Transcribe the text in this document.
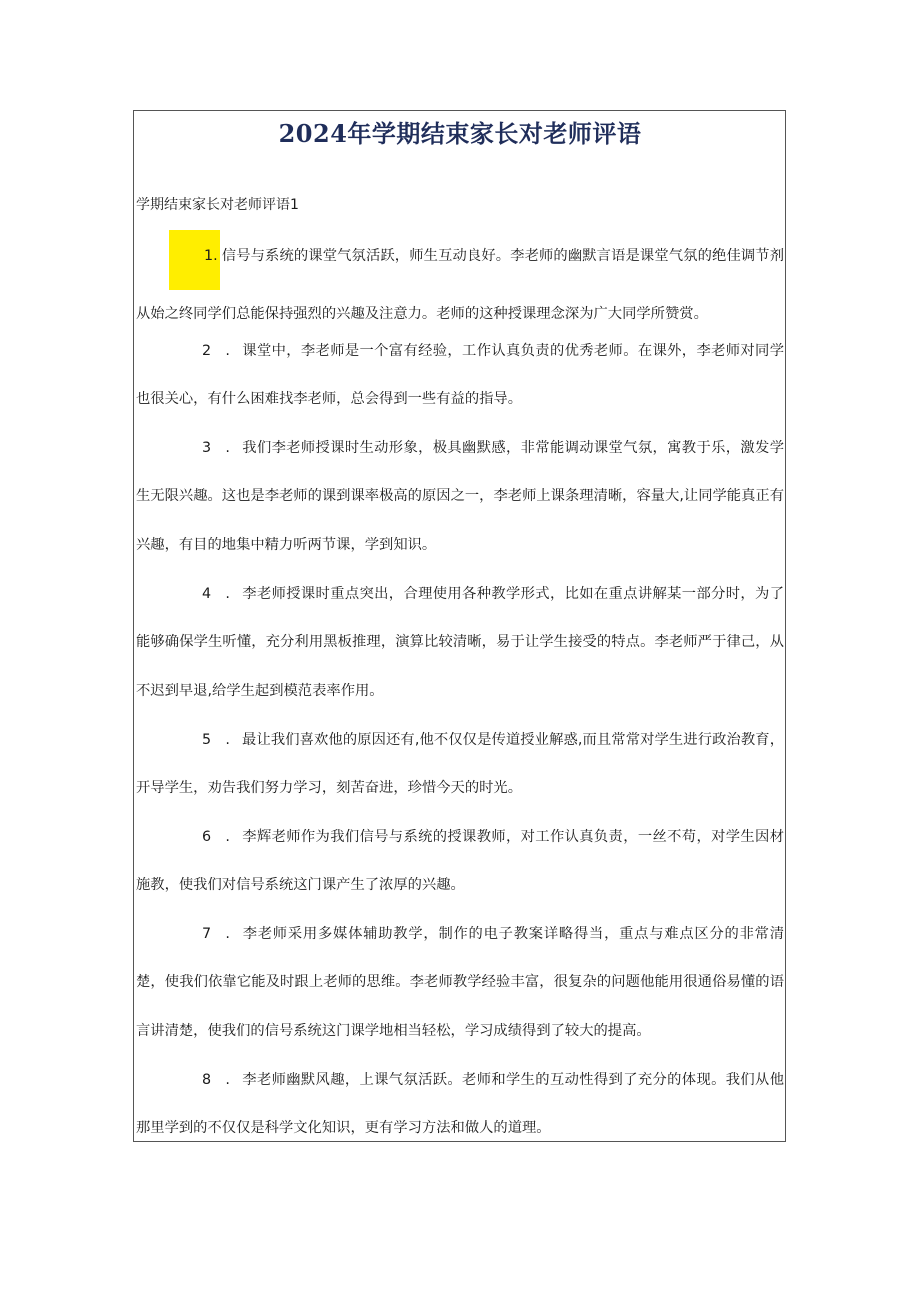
2024年学期结束家长对老师评语
学期结束家长对老师评语1

1. 信号与系统的课堂气氛活跃，师生互动良好。李老师的幽默言语是课堂气氛的绝佳调节剂从始之终同学们总能保持强烈的兴趣及注意力。老师的这种授课理念深为广大同学所赞赏。

2　. 课堂中，李老师是一个富有经验，工作认真负责的优秀老师。在课外，李老师对同学也很关心，有什么困难找李老师，总会得到一些有益的指导。

3　. 我们李老师授课时生动形象，极具幽默感，非常能调动课堂气氛，寓教于乐，激发学生无限兴趣。这也是李老师的课到课率极高的原因之一，李老师上课条理清晰，容量大,让同学能真正有兴趣，有目的地集中精力听两节课，学到知识。

4　. 李老师授课时重点突出，合理使用各种教学形式，比如在重点讲解某一部分时，为了能够确保学生听懂，充分利用黑板推理，演算比较清晰，易于让学生接受的特点。李老师严于律己，从不迟到早退,给学生起到模范表率作用。

5　. 最让我们喜欢他的原因还有,他不仅仅是传道授业解惑,而且常常对学生进行政治教育，开导学生，劝告我们努力学习，刻苦奋进，珍惜今天的时光。

6　. 李辉老师作为我们信号与系统的授课教师，对工作认真负责，一丝不苟，对学生因材施教，使我们对信号系统这门课产生了浓厚的兴趣。

7　. 李老师采用多媒体辅助教学，制作的电子教案详略得当，重点与难点区分的非常清楚，使我们依靠它能及时跟上老师的思维。李老师教学经验丰富，很复杂的问题他能用很通俗易懂的语言讲清楚，使我们的信号系统这门课学地相当轻松，学习成绩得到了较大的提高。

8　. 李老师幽默风趣，上课气氛活跃。老师和学生的互动性得到了充分的体现。我们从他那里学到的不仅仅是科学文化知识，更有学习方法和做人的道理。
